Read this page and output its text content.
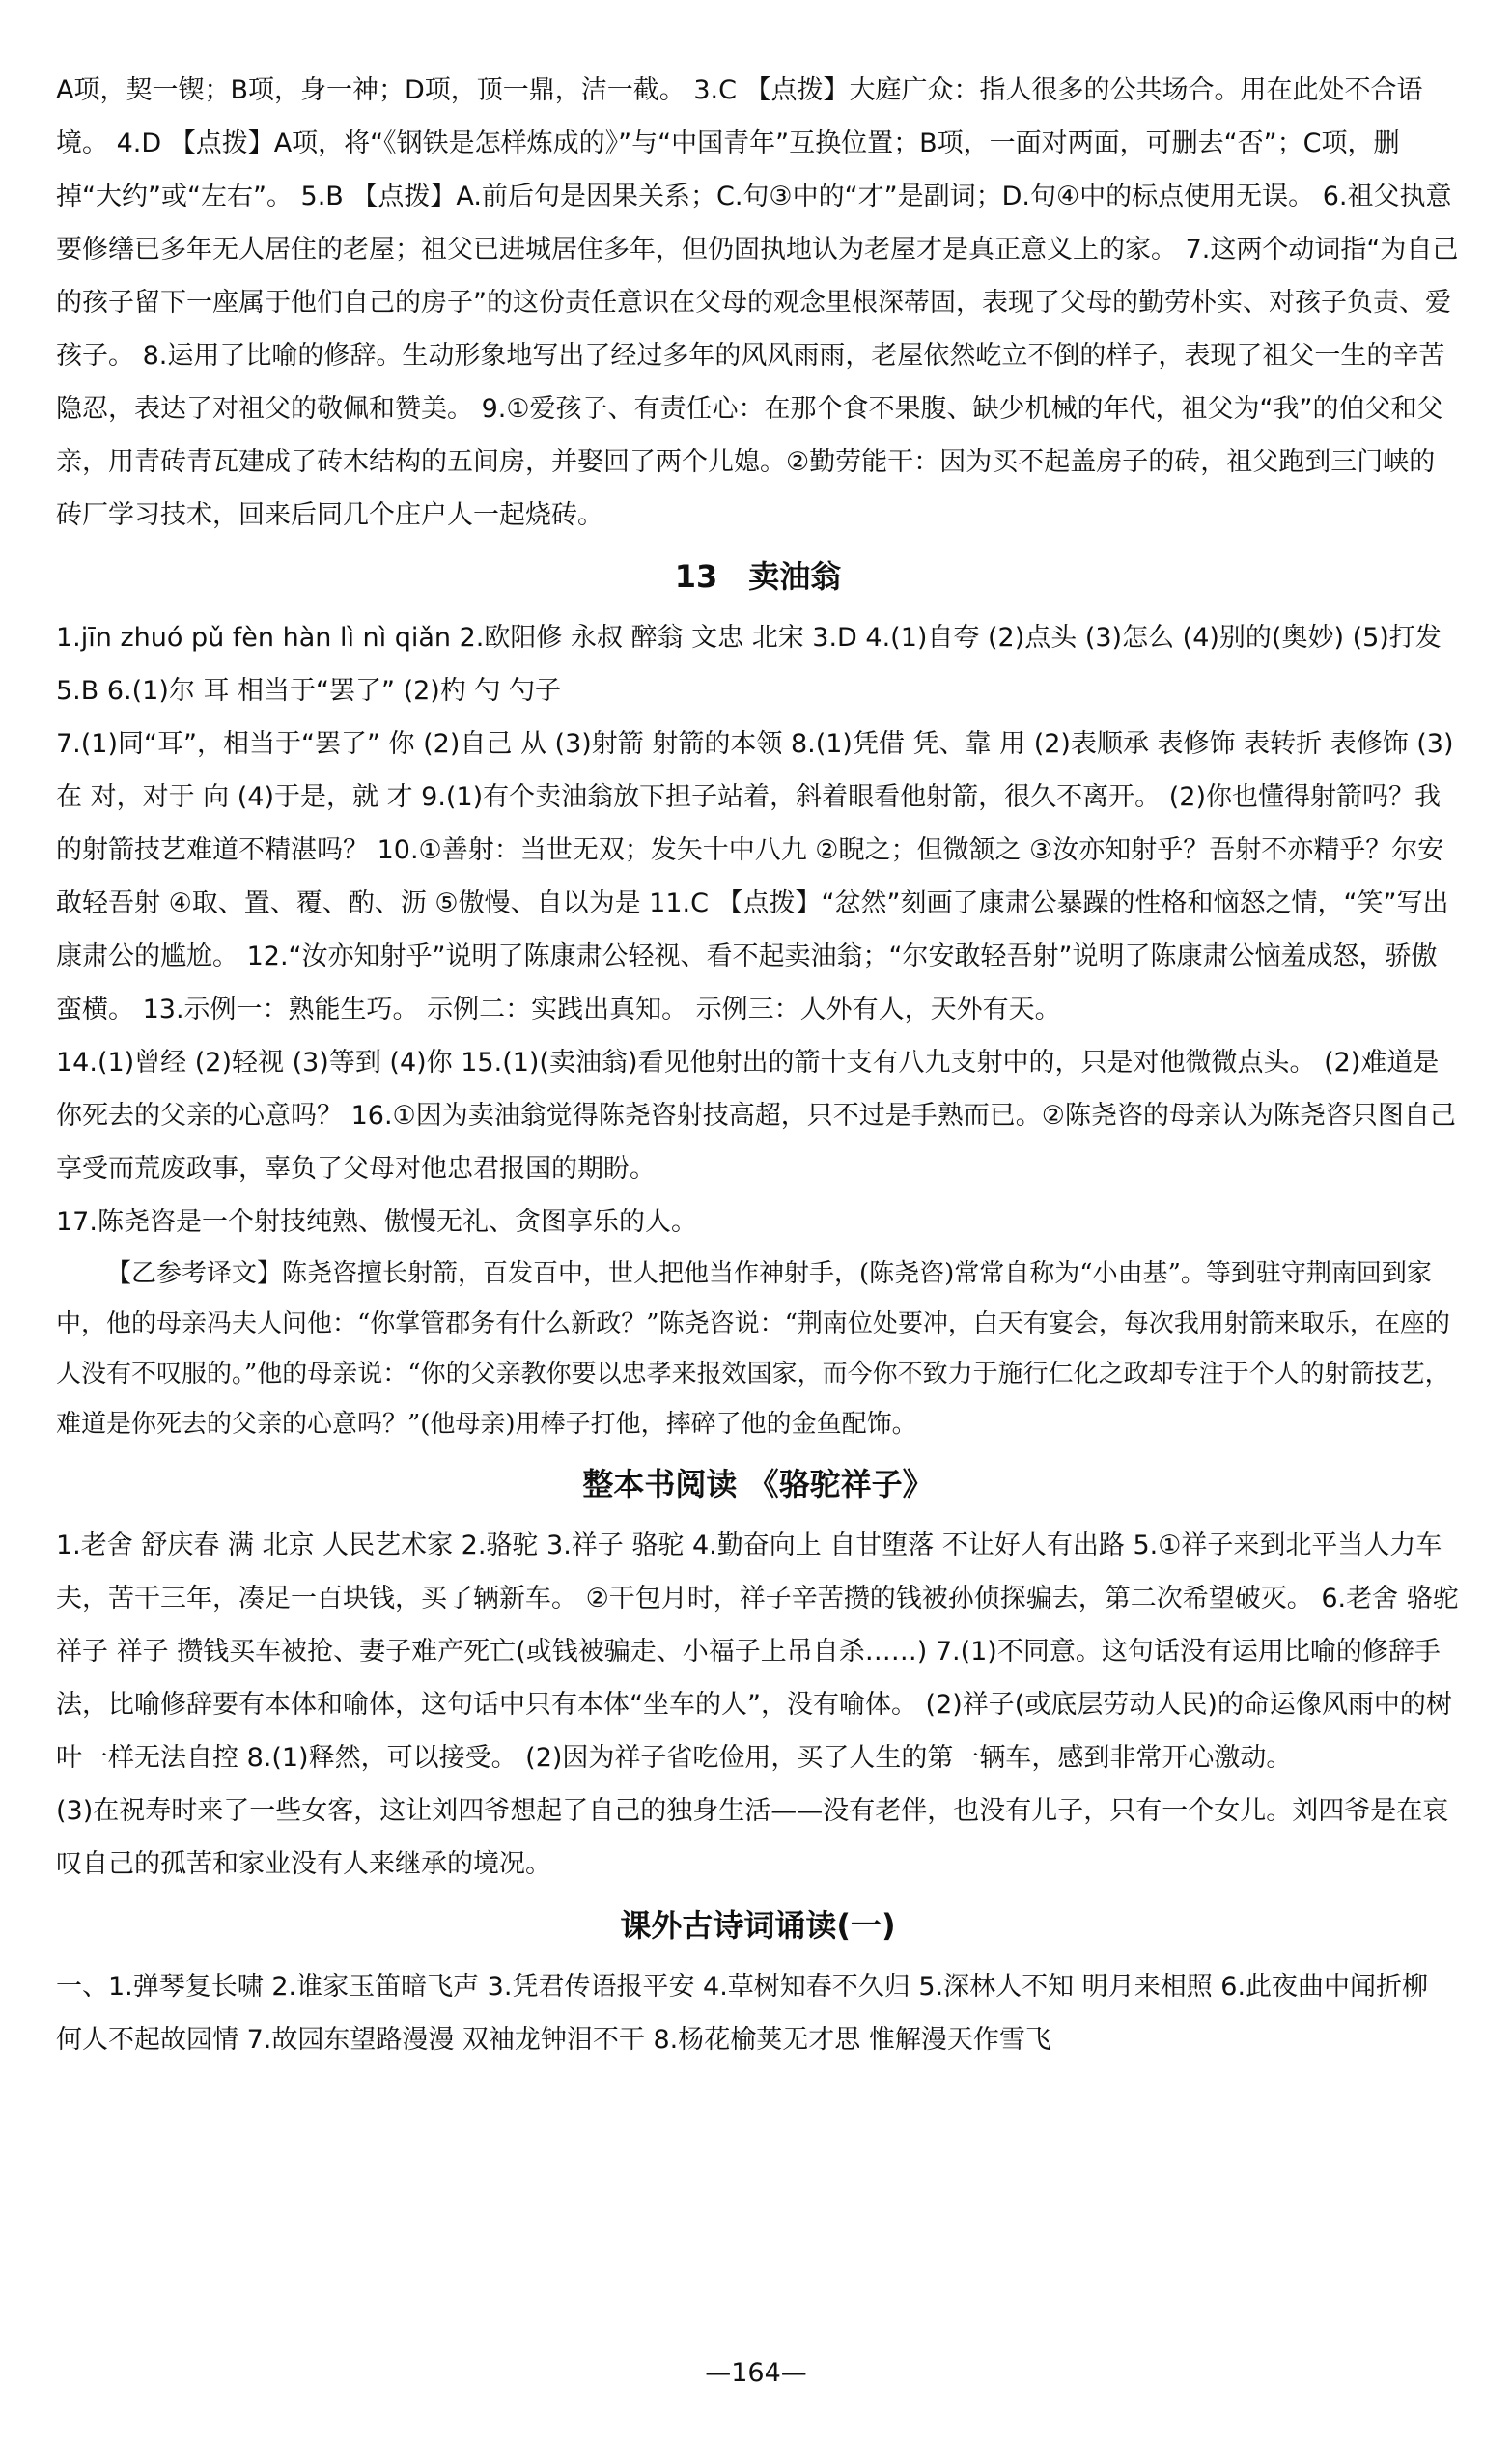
A项，契一锲；B项，身一神；D项，顶一鼎，洁一截。 3.C 【点拨】大庭广众：指人很多的公共场合。用在此处不合语境。 4.D 【点拨】A项，将“《钢铁是怎样炼成的》”与“中国青年”互换位置；B项，一面对两面，可删去“否”；C项，删掉“大约”或“左右”。 5.B 【点拨】A.前后句是因果关系；C.句③中的“才”是副词；D.句④中的标点使用无误。 6.祖父执意要修缮已多年无人居住的老屋；祖父已进城居住多年，但仍固执地认为老屋才是真正意义上的家。 7.这两个动词指“为自己的孩子留下一座属于他们自己的房子”的这份责任意识在父母的观念里根深蒂固，表现了父母的勤劳朴实、对孩子负责、爱孩子。 8.运用了比喻的修辞。生动形象地写出了经过多年的风风雨雨，老屋依然屹立不倒的样子，表现了祖父一生的辛苦隐忍，表达了对祖父的敬佩和赞美。 9.①爱孩子、有责任心：在那个食不果腹、缺少机械的年代，祖父为“我”的伯父和父亲，用青砖青瓦建成了砖木结构的五间房，并娶回了两个儿媳。②勤劳能干：因为买不起盖房子的砖，祖父跑到三门峡的砖厂学习技术，回来后同几个庄户人一起烧砖。

13　卖油翁

1.jīn zhuó pǔ fèn hàn lì nì qiǎn 2.欧阳修 永叔 醉翁 文忠 北宋 3.D 4.(1)自夸 (2)点头 (3)怎么 (4)别的(奥妙) (5)打发 5.B 6.(1)尔 耳 相当于“罢了” (2)杓 勺 勺子

7.(1)同“耳”，相当于“罢了” 你 (2)自己 从 (3)射箭 射箭的本领 8.(1)凭借 凭、靠 用 (2)表顺承 表修饰 表转折 表修饰 (3)在 对，对于 向 (4)于是，就 才 9.(1)有个卖油翁放下担子站着，斜着眼看他射箭，很久不离开。 (2)你也懂得射箭吗？我的射箭技艺难道不精湛吗？ 10.①善射：当世无双；发矢十中八九 ②睨之；但微颔之 ③汝亦知射乎？吾射不亦精乎？尔安敢轻吾射 ④取、置、覆、酌、沥 ⑤傲慢、自以为是 11.C 【点拨】“忿然”刻画了康肃公暴躁的性格和恼怒之情，“笑”写出康肃公的尴尬。 12.“汝亦知射乎”说明了陈康肃公轻视、看不起卖油翁；“尔安敢轻吾射”说明了陈康肃公恼羞成怒，骄傲蛮横。 13.示例一：熟能生巧。 示例二：实践出真知。 示例三：人外有人，天外有天。

14.(1)曾经 (2)轻视 (3)等到 (4)你 15.(1)(卖油翁)看见他射出的箭十支有八九支射中的，只是对他微微点头。 (2)难道是你死去的父亲的心意吗？ 16.①因为卖油翁觉得陈尧咨射技高超，只不过是手熟而已。②陈尧咨的母亲认为陈尧咨只图自己享受而荒废政事，辜负了父母对他忠君报国的期盼。

17.陈尧咨是一个射技纯熟、傲慢无礼、贪图享乐的人。

【乙参考译文】陈尧咨擅长射箭，百发百中，世人把他当作神射手，(陈尧咨)常常自称为“小由基”。等到驻守荆南回到家中，他的母亲冯夫人问他：“你掌管郡务有什么新政？”陈尧咨说：“荆南位处要冲，白天有宴会，每次我用射箭来取乐，在座的人没有不叹服的。”他的母亲说：“你的父亲教你要以忠孝来报效国家，而今你不致力于施行仁化之政却专注于个人的射箭技艺，难道是你死去的父亲的心意吗？”(他母亲)用棒子打他，摔碎了他的金鱼配饰。

整本书阅读 《骆驼祥子》

1.老舍 舒庆春 满 北京 人民艺术家 2.骆驼 3.祥子 骆驼 4.勤奋向上 自甘堕落 不让好人有出路 5.①祥子来到北平当人力车夫，苦干三年，凑足一百块钱，买了辆新车。 ②干包月时，祥子辛苦攒的钱被孙侦探骗去，第二次希望破灭。 6.老舍 骆驼祥子 祥子 攒钱买车被抢、妻子难产死亡(或钱被骗走、小福子上吊自杀……) 7.(1)不同意。这句话没有运用比喻的修辞手法，比喻修辞要有本体和喻体，这句话中只有本体“坐车的人”，没有喻体。 (2)祥子(或底层劳动人民)的命运像风雨中的树叶一样无法自控 8.(1)释然，可以接受。 (2)因为祥子省吃俭用，买了人生的第一辆车，感到非常开心激动。

(3)在祝寿时来了一些女客，这让刘四爷想起了自己的独身生活——没有老伴，也没有儿子，只有一个女儿。刘四爷是在哀叹自己的孤苦和家业没有人来继承的境况。

课外古诗词诵读(一)

一、1.弹琴复长啸 2.谁家玉笛暗飞声 3.凭君传语报平安 4.草树知春不久归 5.深林人不知 明月来相照 6.此夜曲中闻折柳 何人不起故园情 7.故园东望路漫漫 双袖龙钟泪不干 8.杨花榆荚无才思 惟解漫天作雪飞

—164—
